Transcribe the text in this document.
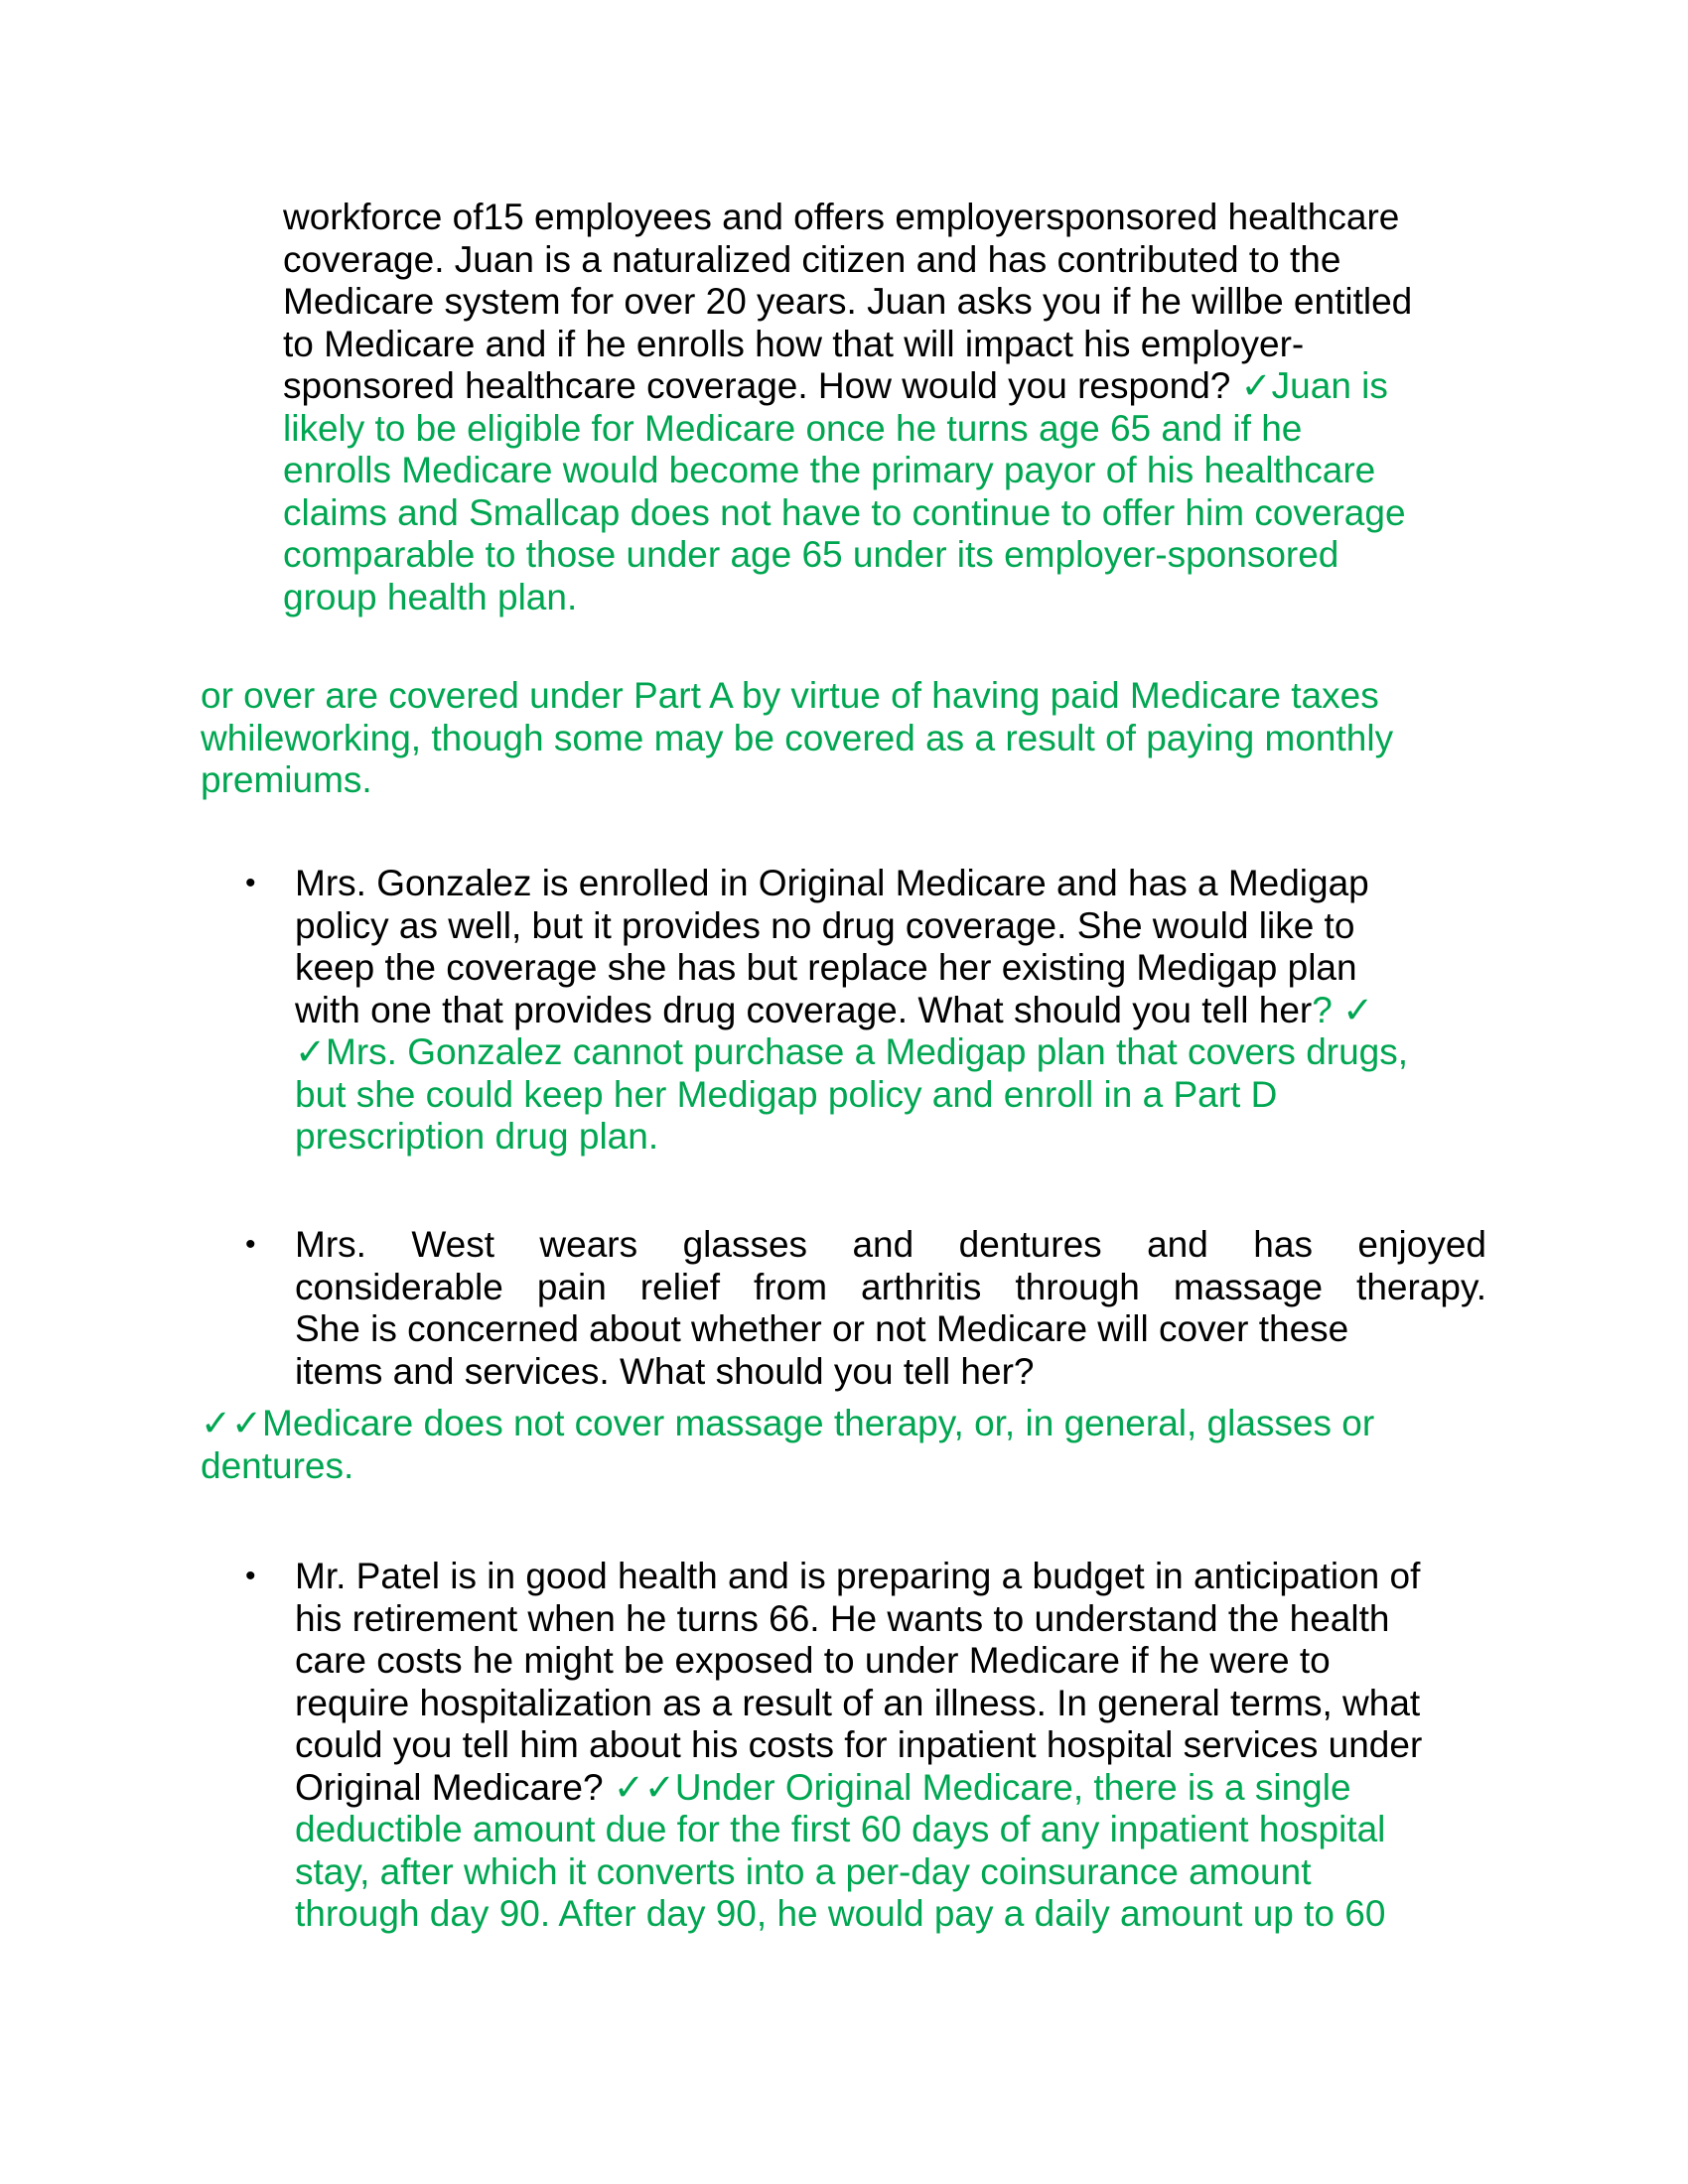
workforce of15 employees and offers employersponsored healthcare
coverage. Juan is a naturalized citizen and has contributed to the
Medicare system for over 20 years. Juan asks you if he willbe entitled
to Medicare and if he enrolls how that will impact his employer-
sponsored healthcare coverage. How would you respond? ✓Juan is
likely to be eligible for Medicare once he turns age 65 and if he
enrolls Medicare would become the primary payor of his healthcare
claims and Smallcap does not have to continue to offer him coverage
comparable to those under age 65 under its employer-sponsored
group health plan.

or over are covered under Part A by virtue of having paid Medicare taxes
whileworking, though some may be covered as a result of paying monthly
premiums.

• Mrs. Gonzalez is enrolled in Original Medicare and has a Medigap
policy as well, but it provides no drug coverage. She would like to
keep the coverage she has but replace her existing Medigap plan
with one that provides drug coverage. What should you tell her? ✓
✓Mrs. Gonzalez cannot purchase a Medigap plan that covers drugs,
but she could keep her Medigap policy and enroll in a Part D
prescription drug plan.

• Mrs. West wears glasses and dentures and has enjoyed
considerable pain relief from arthritis through massage therapy.
She is concerned about whether or not Medicare will cover these
items and services. What should you tell her?

✓✓Medicare does not cover massage therapy, or, in general, glasses or
dentures.

• Mr. Patel is in good health and is preparing a budget in anticipation of
his retirement when he turns 66. He wants to understand the health
care costs he might be exposed to under Medicare if he were to
require hospitalization as a result of an illness. In general terms, what
could you tell him about his costs for inpatient hospital services under
Original Medicare? ✓✓Under Original Medicare, there is a single
deductible amount due for the first 60 days of any inpatient hospital
stay, after which it converts into a per-day coinsurance amount
through day 90. After day 90, he would pay a daily amount up to 60
